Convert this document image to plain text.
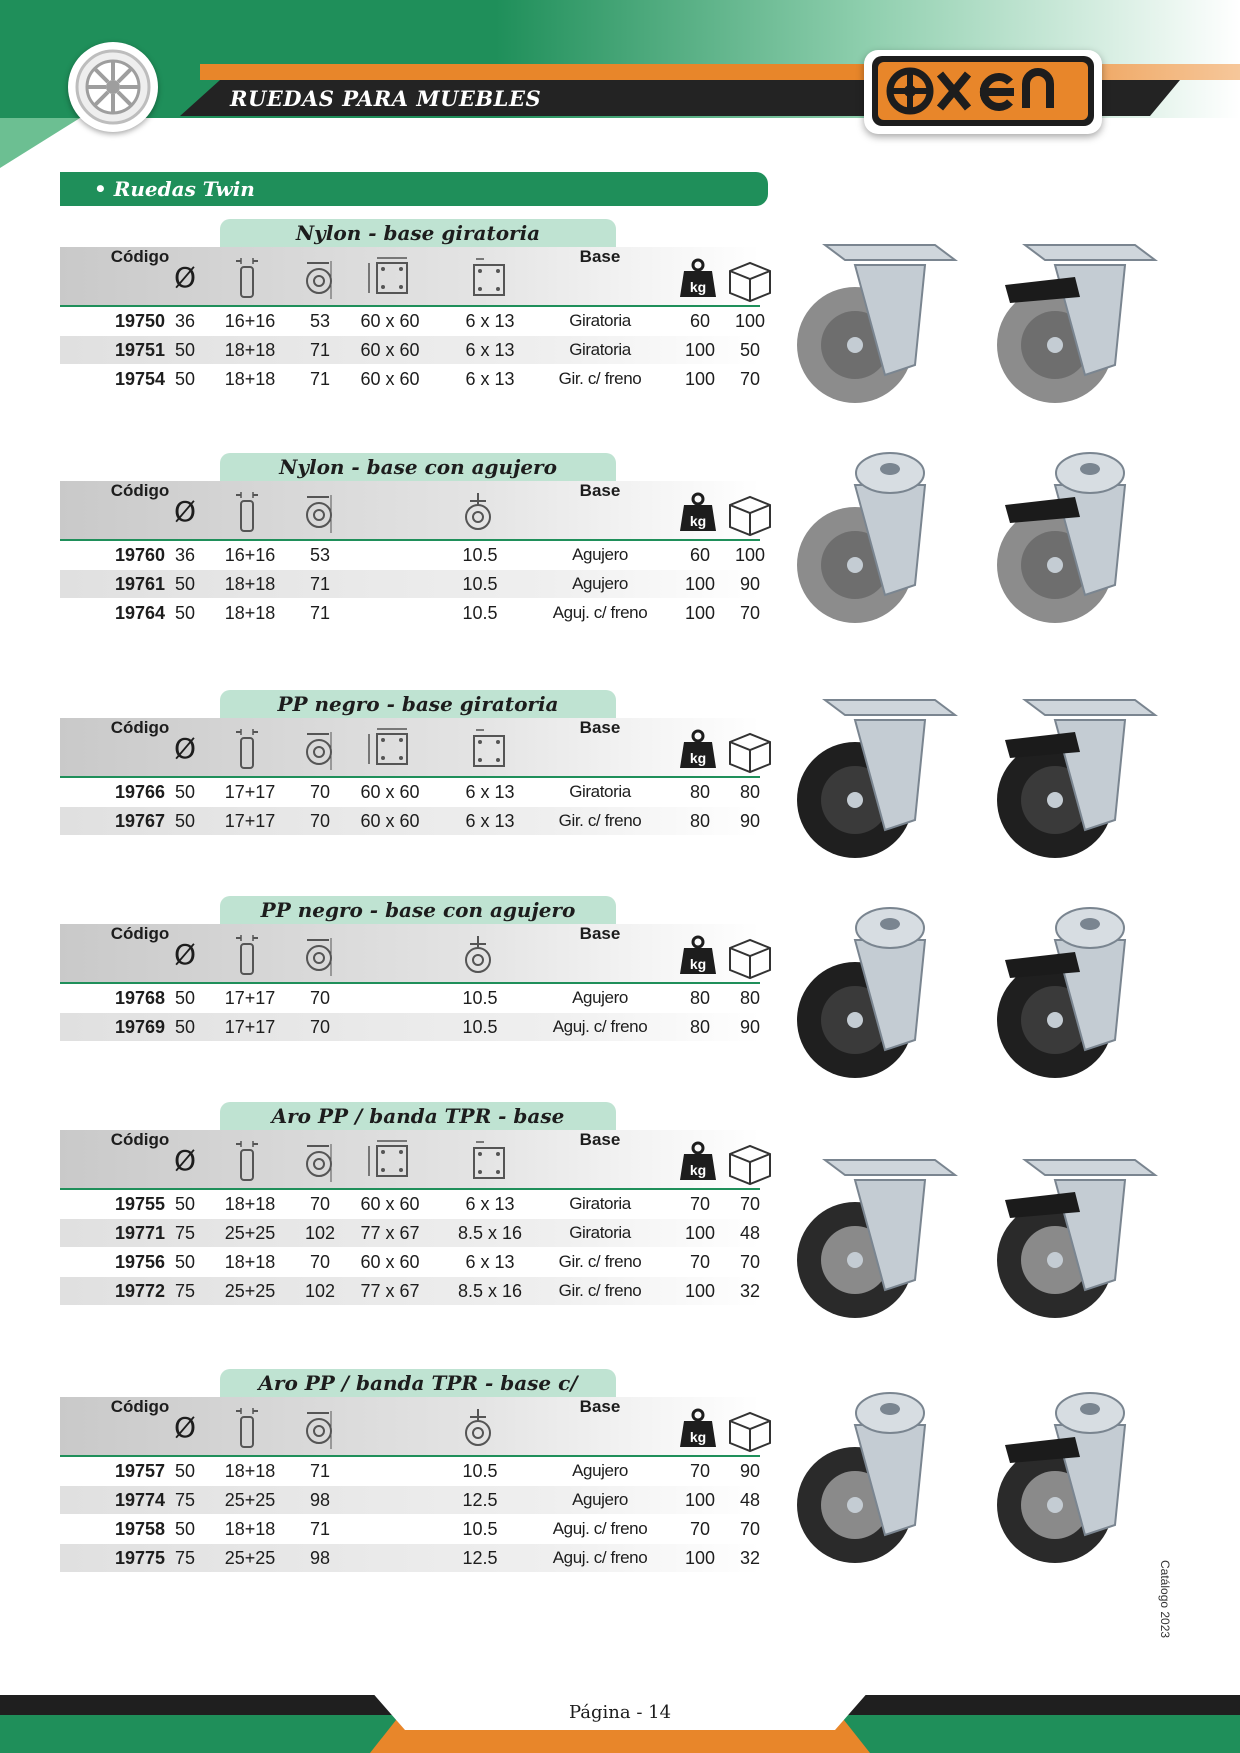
RUEDAS PARA MUEBLES
• Ruedas Twin
Nylon - base giratoria
Código
Ø
Base
kg
19750 36	16+16	53	60 x 60	6 x 13	Giratoria	60	100
19751 50	18+18	71	60 x 60	6 x 13	Giratoria	100	50
19754 50	18+18	71	60 x 60	6 x 13	Gir. c/ freno	100	70
Nylon - base con agujero
Código
Ø
Base
kg
19760 36	16+16	53	10.5	Agujero	60	100
19761 50	18+18	71	10.5	Agujero	100	90
19764 50	18+18	71	10.5	Aguj. c/ freno	100	70
PP negro - base giratoria
Código
Ø
Base
kg
19766 50	17+17	70	60 x 60	6 x 13	Giratoria	80	80
19767 50	17+17	70	60 x 60	6 x 13	Gir. c/ freno	80	90
PP negro - base con agujero
Código
Ø
Base
kg
19768 50	17+17	70	10.5	Agujero	80	80
19769 50	17+17	70	10.5	Aguj. c/ freno	80	90
Aro PP / banda TPR - base
Código
Ø
Base
kg
19755 50	18+18	70	60 x 60	6 x 13	Giratoria	70	70
19771 75	25+25	102	77 x 67	8.5 x 16	Giratoria	100	48
19756 50	18+18	70	60 x 60	6 x 13	Gir. c/ freno	70	70
19772 75	25+25	102	77 x 67	8.5 x 16	Gir. c/ freno	100	32
Aro PP / banda TPR - base c/
Código
Ø
Base
kg
19757 50	18+18	71	10.5	Agujero	70	90
19774 75	25+25	98	12.5	Agujero	100	48
19758 50	18+18	71	10.5	Aguj. c/ freno	70	70
19775 75	25+25	98	12.5	Aguj. c/ freno	100	32
Catálogo 2023
Página - 14
